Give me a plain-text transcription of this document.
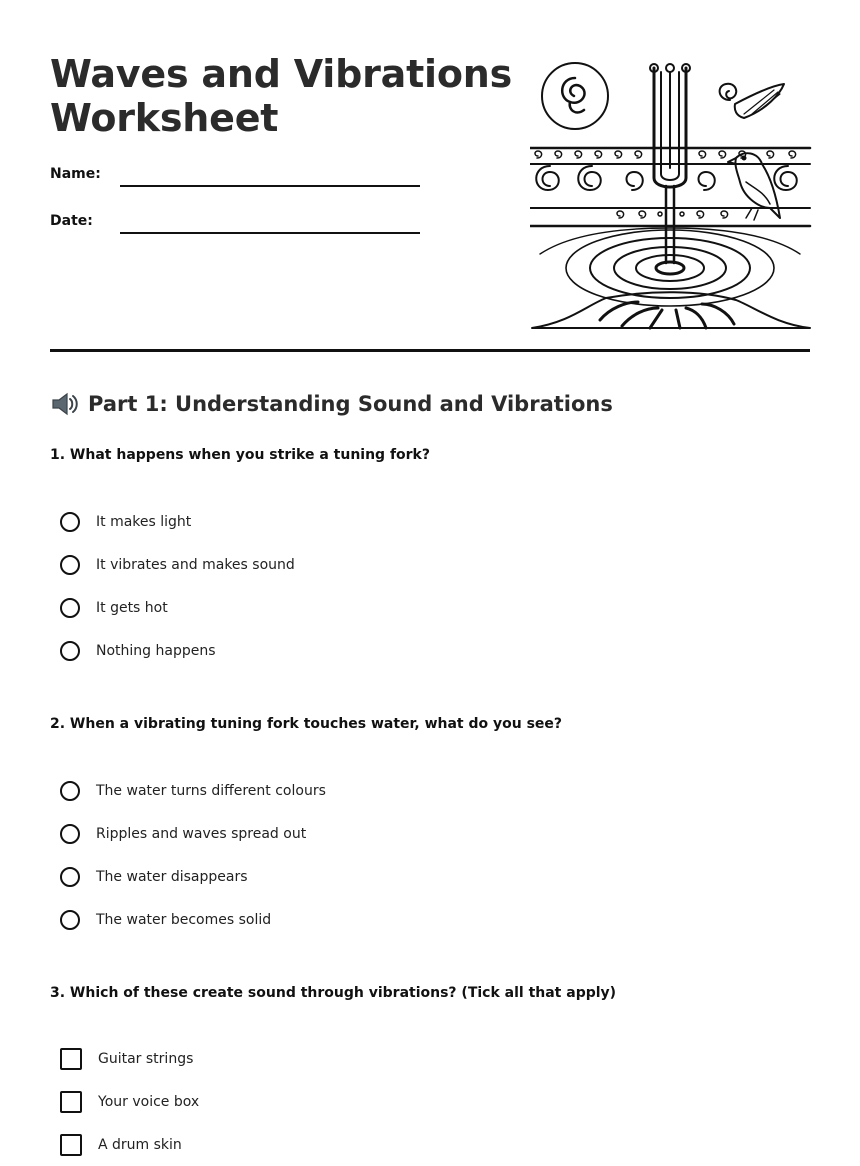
Waves and Vibrations
Worksheet
Name:
Date:
Part 1: Understanding Sound and Vibrations

1. What happens when you strike a tuning fork?

It makes light
It vibrates and makes sound
It gets hot
Nothing happens

2. When a vibrating tuning fork touches water, what do you see?

The water turns different colours
Ripples and waves spread out
The water disappears
The water becomes solid

3. Which of these create sound through vibrations? (Tick all that apply)

Guitar strings
Your voice box
A drum skin
